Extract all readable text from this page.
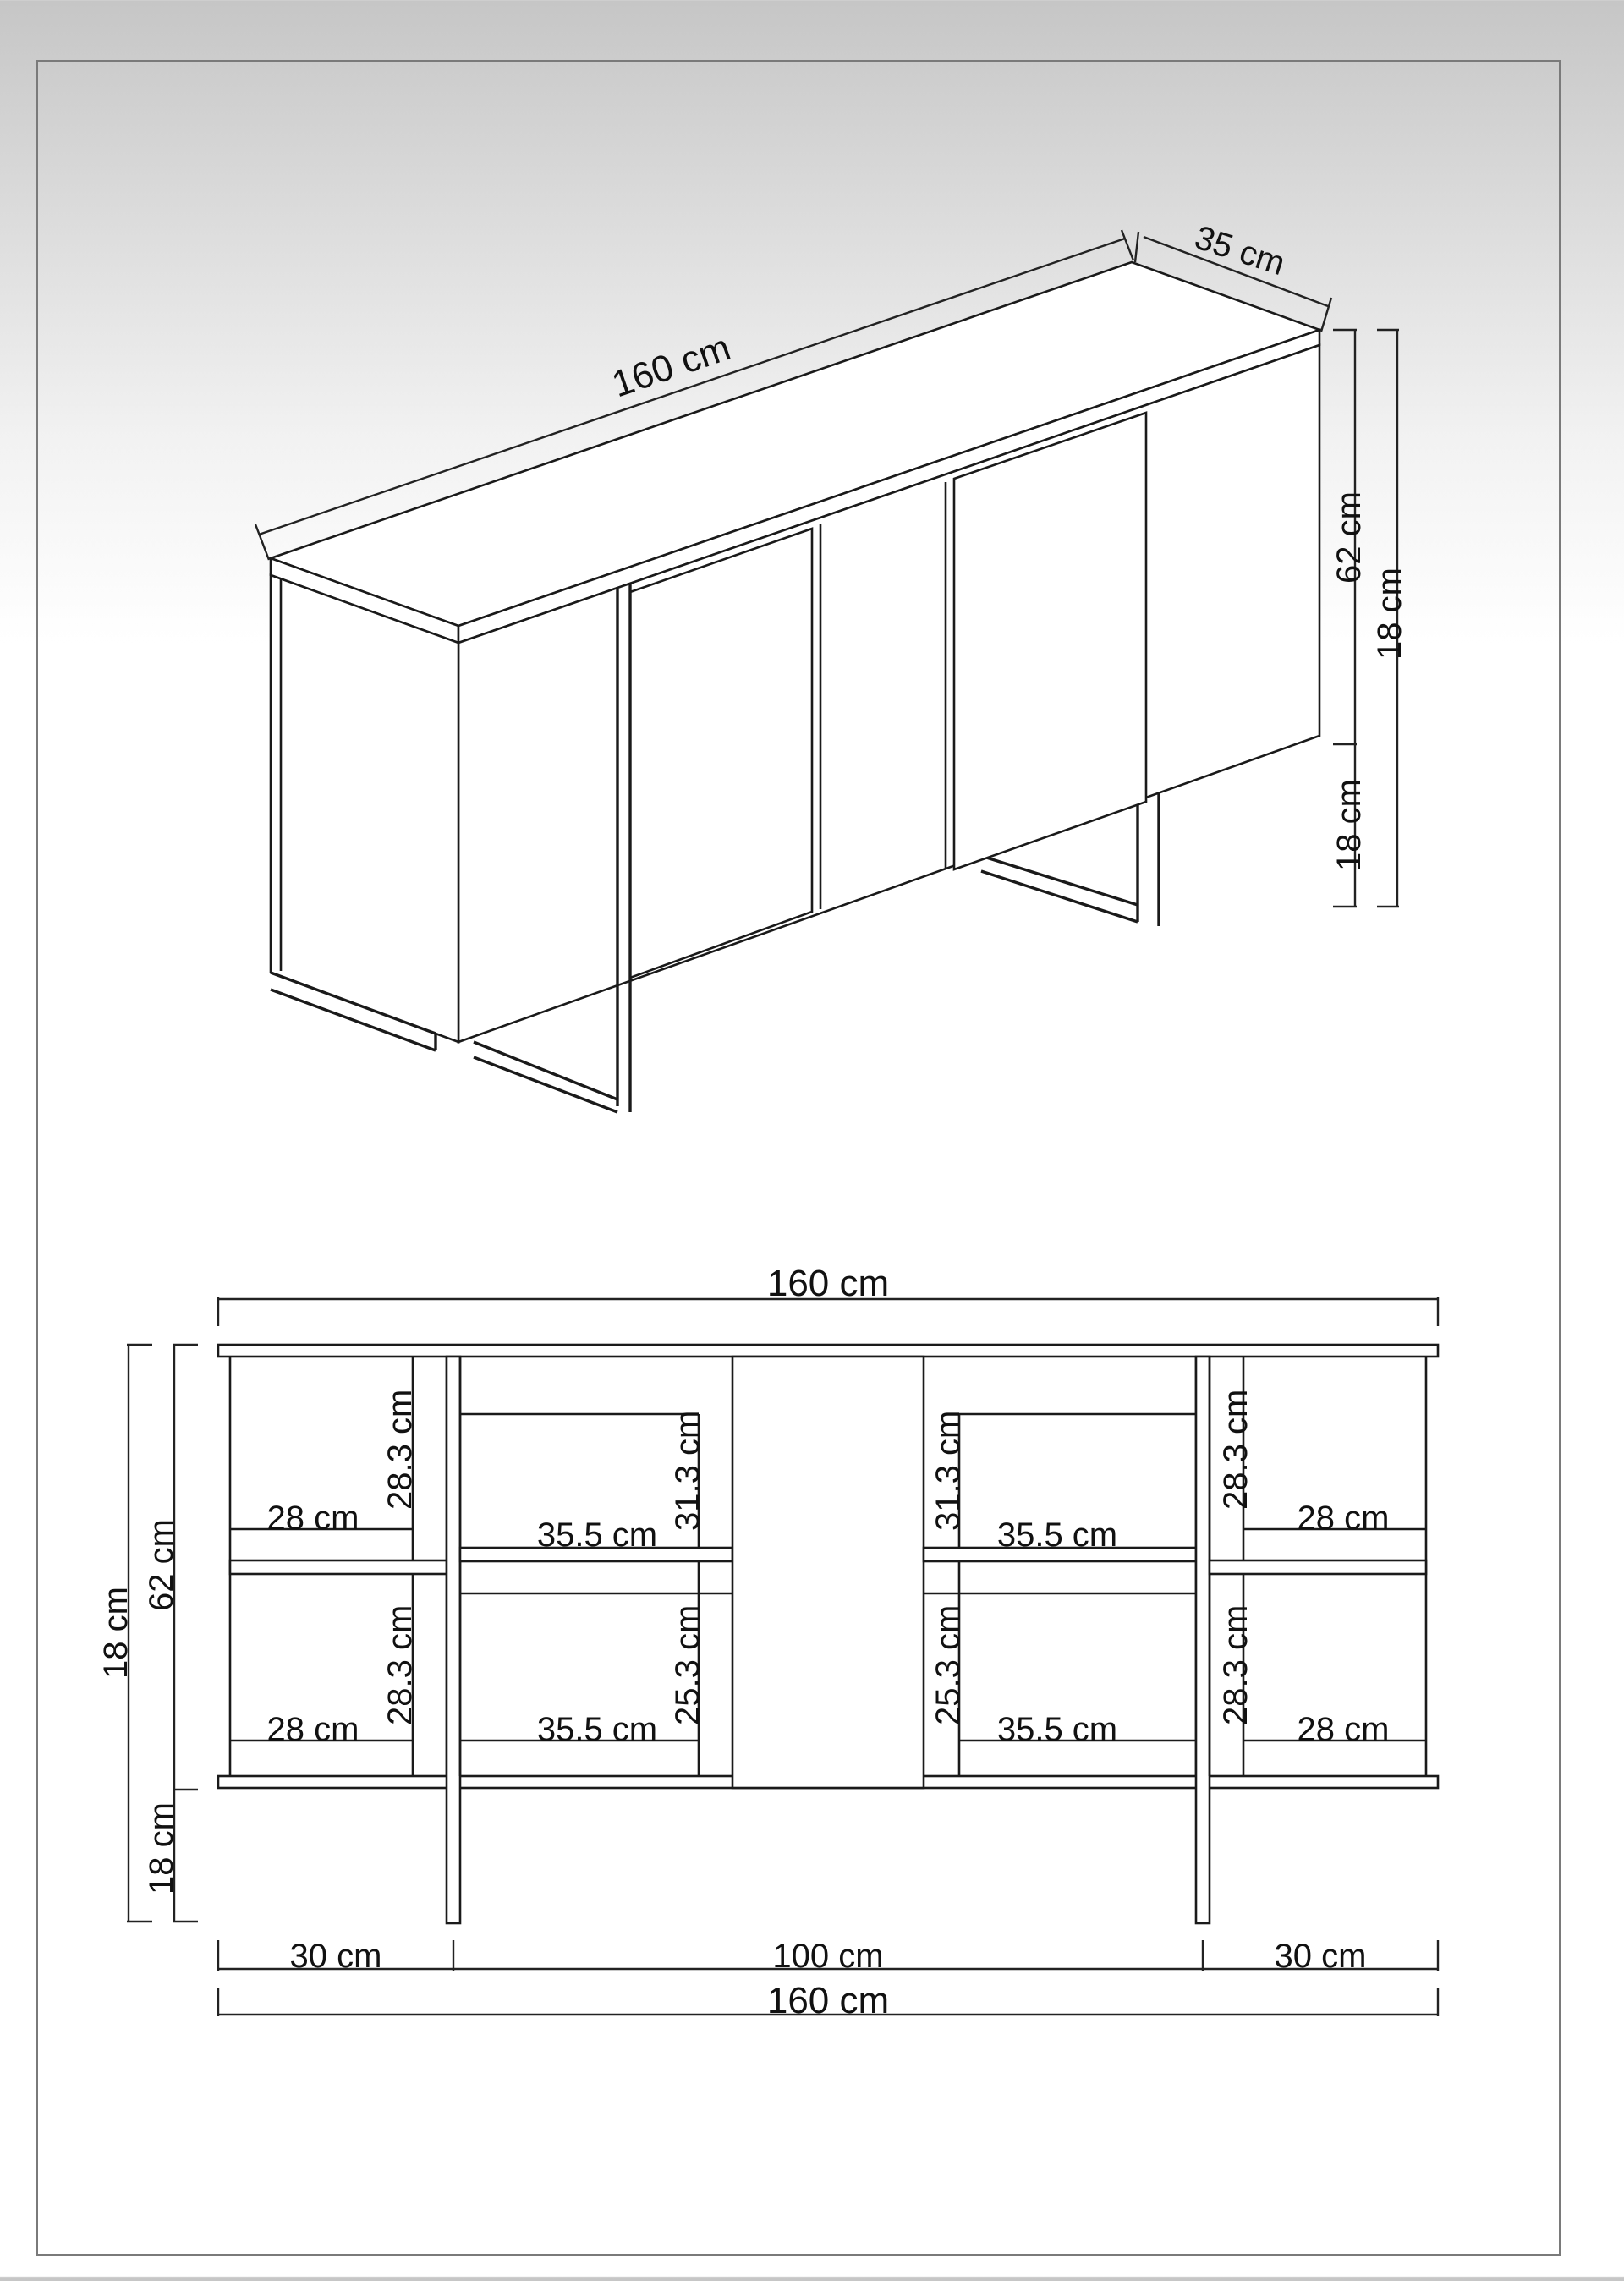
160 cm
35 cm
62 cm
18 cm
18 cm
160 cm
28 cm
28.3 cm
28 cm
28.3 cm
35.5 cm
31.3 cm
35.5 cm
25.3 cm
35.5 cm
31.3 cm
35.5 cm
25.3 cm
28 cm
28.3 cm
28 cm
28.3 cm
18 cm
62 cm
18 cm
30 cm	100 cm	30 cm
160 cm
